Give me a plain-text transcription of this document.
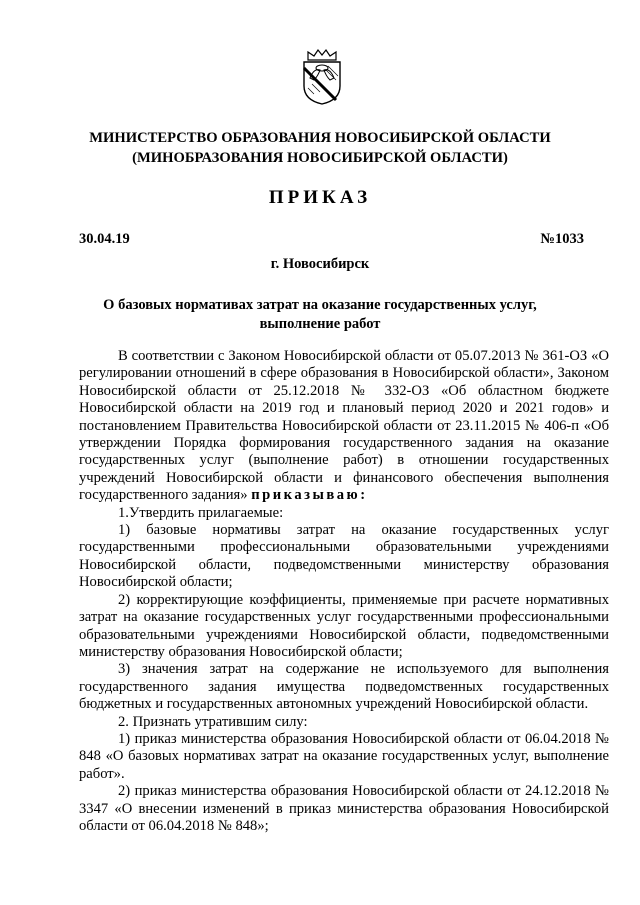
МИНИСТЕРСТВО ОБРАЗОВАНИЯ НОВОСИБИРСКОЙ ОБЛАСТИ
(МИНОБРАЗОВАНИЯ НОВОСИБИРСКОЙ ОБЛАСТИ)
ПРИКАЗ
30.04.19	№1033
г. Новосибирск
О базовых нормативах затрат на оказание государственных услуг,
выполнение работ

В соответствии с Законом Новосибирской области от 05.07.2013 № 361-ОЗ «О регулировании отношений в сфере образования в Новосибирской области», Законом Новосибирской области от 25.12.2018 № 332-ОЗ «Об областном бюджете Новосибирской области на 2019 год и плановый период 2020 и 2021 годов» и постановлением Правительства Новосибирской области от 23.11.2015 № 406-п «Об утверждении Порядка формирования государственного задания на оказание государственных услуг (выполнение работ) в отношении государственных учреждений Новосибирской области и финансового обеспечения выполнения государственного задания» приказываю:

1.Утвердить прилагаемые:

1) базовые нормативы затрат на оказание государственных услуг государственными профессиональными образовательными учреждениями Новосибирской области, подведомственными министерству образования Новосибирской области;

2) корректирующие коэффициенты, применяемые при расчете нормативных затрат на оказание государственных услуг государственными профессиональными образовательными учреждениями Новосибирской области, подведомственными министерству образования Новосибирской области;

3) значения затрат на содержание не используемого для выполнения государственного задания имущества подведомственных государственных бюджетных и государственных автономных учреждений Новосибирской области.

2. Признать утратившим силу:

1) приказ министерства образования Новосибирской области от 06.04.2018 № 848 «О базовых нормативах затрат на оказание государственных услуг, выполнение работ».

2) приказ министерства образования Новосибирской области от 24.12.2018 № 3347 «О внесении изменений в приказ министерства образования Новосибирской области от 06.04.2018 № 848»;
